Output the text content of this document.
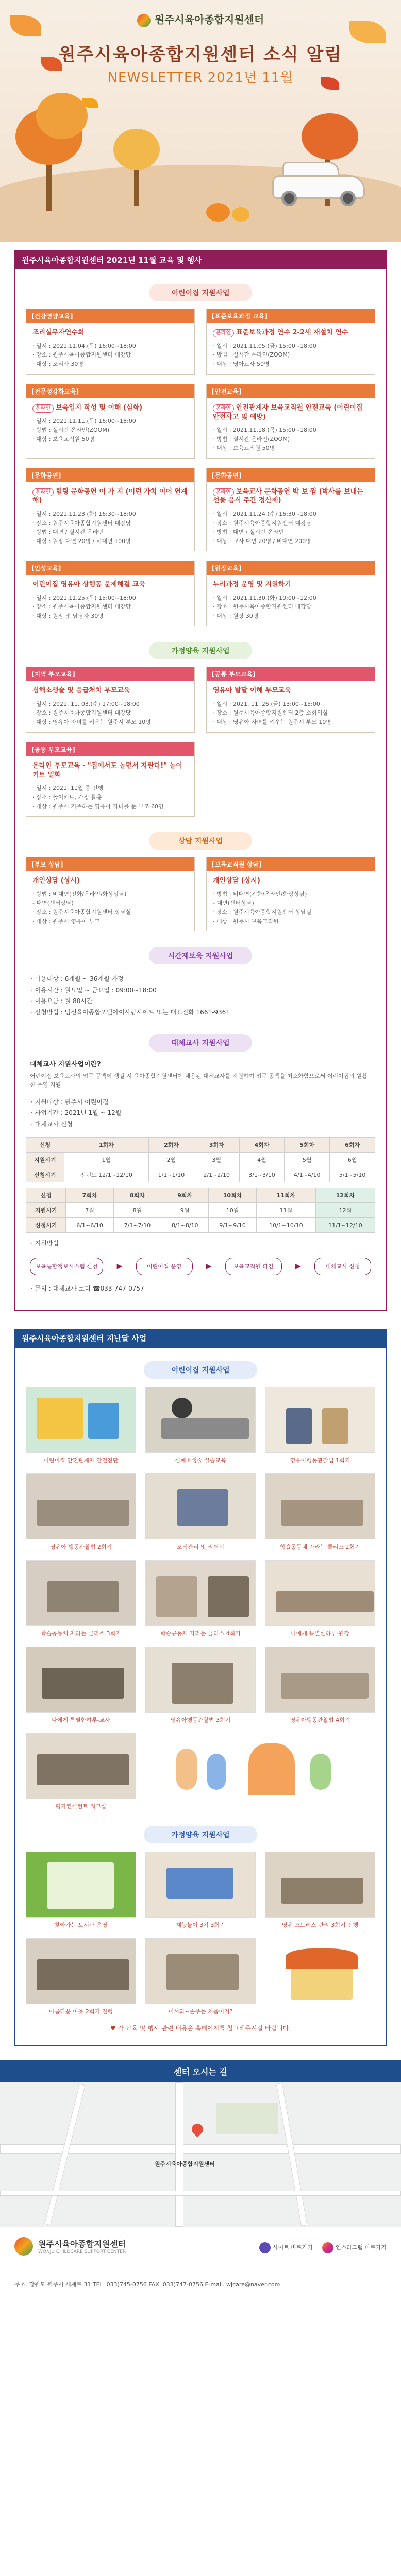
원주시육아종합지원센터
원주시육아종합지원센터 소식 알림
NEWSLETTER 2021년 11월
원주시육아종합지원센터 2021년 11월 교육 및 행사
어린이집 지원사업
[건강영양교육]
조리실무자연수회
· 일시 : 2021.11.04.(목) 16:00~18:00
· 장소 : 원주시육아종합지원센터 대강당
· 대상 : 조리사 30명
[표준보육과정 교육]
온라인 표준보육과정 연수 2-2세 재설치 연수
· 일시 : 2021.11.05.(금) 15:00~18:00
· 방법 : 실시간 온라인(ZOOM)
· 대상 : 영아교사 50명
[전문성강화교육]
온라인 보육일지 작성 및 이해 (심화)
· 일시 : 2021.11.11.(목) 16:00~18:00
· 방법 : 실시간 온라인(ZOOM)
· 대상 : 보육교직원 50명
[안전교육]
온라인 안전관계자 보육교직원 안전교육 (어린이집 안전사고 및 예방)
· 일시 : 2021.11.18.(목) 15:00~18:00
· 방법 : 실시간 온라인(ZOOM)
· 대상 : 보육교직원 50명
[문화공연]
온라인 힐링 문화공연 이 가 지 (이런 가치 이어 연계해)
· 일시 : 2021.11.23.(화) 16:30~18:00
· 장소 : 원주시육아종합지원센터 대강당
· 방법 : 대면 / 실시간 온라인
· 대상 : 원장 대면 20명 / 비대면 100명
[문화공연]
온라인 보육교사 문화공연 박 보 찜 (박사를 보내는 선물 음식 주간 정산제)
· 일시 : 2021.11.24.(수) 16:30~18:00
· 장소 : 원주시육아종합지원센터 대강당
· 방법 : 대면 / 실시간 온라인
· 대상 : 교사 대면 20명 / 비대면 200명
[인성교육]
어린이집 영유아 상행동 문제해결 교육
· 일시 : 2021.11.25.(목) 15:00~18:00
· 장소 : 원주시육아종합지원센터 대강당
· 대상 : 원장 및 담당자 30명
[원장교육]
누리과정 운영 및 지원하기
· 일시 : 2021.11.30.(화) 10:00~12:00
· 장소 : 원주시육아종합지원센터 대강당
· 대상 : 원장 30명
가정양육 지원사업
[지역 부모교육]
심해소생술 및 응급처치 부모교육
· 일시 : 2021. 11. 03.(수) 17:00~18:00
· 장소 : 원주시육아종합지원센터 대강당
· 대상 : 영유아 자녀를 키우는 원주시 부모 10명
[공통 부모교육]
영유아 발달 이해 부모교육
· 일시 : 2021. 11. 26.(금) 13:00~15:00
· 장소 : 원주시육아종합지원센터 2층 소회의실
· 대상 : 영유아 자녀를 키우는 원주시 부모 10명
[공통 부모교육]
온라인 부모교육 - "집에서도 놀면서 자란다!" 놀이키트 일화
· 일시 : 2021. 11월 중 진행
· 장소 : 놀이키트, 가정 활용
· 대상 : 원주시 거주하는 영유아 자녀를 둔 부모 60명
상담 지원사업
[부모 상담]
개인상담 (상시)
· 방법 : 비대면(전화/온라인/화상상담)
- 대면(센터상담)
· 장소 : 원주시육아종합지원센터 상담실
· 대상 : 원주시 영유아 부모
[보육교직원 상담]
개인상담 (상시)
· 방법 : 비대면(전화/온라인/화상상담)
- 대면(센터상담)
· 장소 : 원주시육아종합지원센터 상담실
· 대상 : 원주시 보육교직원
시간제보육 지원사업
· 이용대상 : 6개월 ~ 36개월 가정
· 이용시간 : 월요일 ~ 금요일 : 09:00~18:00
· 이용요금 : 월 80시간
· 신청방법 : 임신육아종합포털아이사랑사이트 또는 대표전화 1661-9361
대체교사 지원사업
대체교사 지원사업이란?
어린이집 보육교사의 업무 공백이 생길 시 육아종합지원센터에 채용된 대체교사를 지원하여 업무 공백을 최소화함으로써 어린이집의 원활한 운영 지원
· 지원대상 : 원주시 어린이집
· 사업기간 : 2021년 1월 ~ 12월
· 대체교사 신청
신청	1회차	2회차	3회차	4회차	5회차	6회차
지원시기	1월	2월	3월	4월	5월	6월
신청시기	전년도 12/1~12/10	1/1~1/10	2/1~2/10	3/1~3/10	4/1~4/10	5/1~5/10
신청	7회차	8회차	9회차	10회차	11회차	12회차
지원시기	7월	8월	9월	10월	11월	12월
신청시기	6/1~6/10	7/1~7/10	8/1~8/10	9/1~9/10	10/1~10/10	11/1~12/10
· 지원방법
보육통합정보시스템 신청	▶	어린이집 운영	▶	보육교직원 파견	▶	대체교사 신청
· 문의 : 대체교사 코디 ☎033-747-0757
원주시육아종합지원센터 지난달 사업
어린이집 지원사업
어린이집 안전관계자 안전진단	심폐소생술 실습교육	영유아행동관찰법 1회기
영유아 행동관찰법 2회기	조직관리 및 리더십	학습공동체 자라는 클리스 2회기
학습공동체 자라는 클리스 3회기	학습공동체 자라는 클리스 4회기	나에게 특별한하루-원장
나에게 특별한하루-교사	영유아행동관찰법 3회기	영유아행동관찰법 4회기
평가컨설턴트 워크샵
가정양육 지원사업
찾아가는 도서관 운영	재능놀이 3기 3회기	영유 스토레스 관리 3회기 진행
아름다운 이웃 2회기 진행	어서와~손주는 처음이지?
♥ 각 교육 및 행사 관련 내용은 홈페이지를 참고해주시길 바랍니다.
센터 오시는 길
원주시육아종합지원센터
원주시육아종합지원센터
WONJU CHILDCARE SUPPORT CENTER
사이트 바로가기	인스타그램 바로가기
주소. 강원도 원주시 세계로 31 TEL. 033)745-0756 FAX. 033)747-0756 E-mail. wjcare@naver.com
